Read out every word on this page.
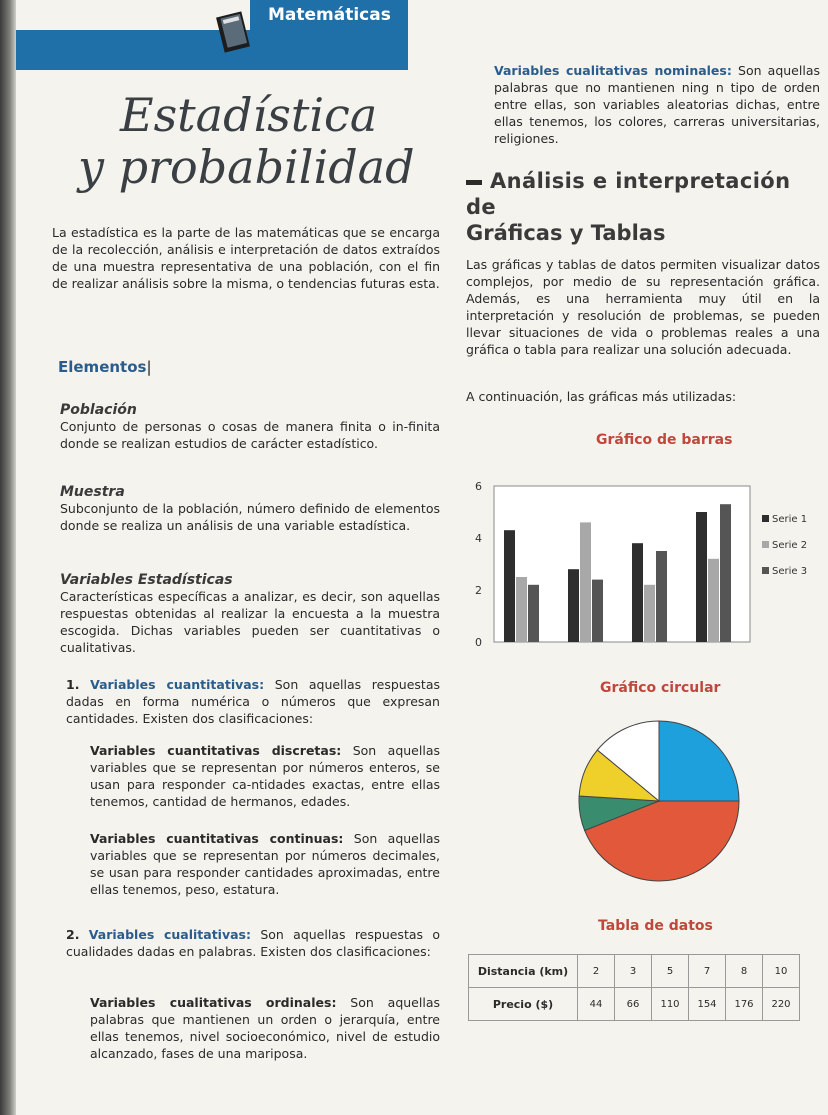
Matemáticas
Estadística
y probabilidad
La estadística es la parte de las matemáticas que se encarga de la recolección, análisis e interpretación de datos extraídos de una muestra representativa de una población, con el fin de realizar análisis sobre la misma, o tendencias futuras esta.
Elementos|
Población
Conjunto de personas o cosas de manera finita o in-finita donde se realizan estudios de carácter estadístico.
Muestra
Subconjunto de la población, número definido de elementos donde se realiza un análisis de una variable estadística.
Variables Estadísticas
Características específicas a analizar, es decir, son aquellas respuestas obtenidas al realizar la encuesta a la muestra escogida. Dichas variables pueden ser cuantitativas o cualitativas.
1. Variables cuantitativas: Son aquellas respuestas dadas en forma numérica o números que expresan cantidades. Existen dos clasificaciones:
Variables cuantitativas discretas: Son aquellas variables que se representan por números enteros, se usan para responder ca-ntidades exactas, entre ellas tenemos, cantidad de hermanos, edades.
Variables cuantitativas continuas: Son aquellas variables que se representan por números decimales, se usan para responder cantidades aproximadas, entre ellas tenemos, peso, estatura.
2. Variables cualitativas: Son aquellas respuestas o cualidades dadas en palabras. Existen dos clasificaciones:
Variables cualitativas ordinales: Son aquellas palabras que mantienen un orden o jerarquía, entre ellas tenemos, nivel socioeconómico, nivel de estudio alcanzado, fases de una mariposa.
Variables cualitativas nominales: Son aquellas palabras que no mantienen ning n tipo de orden entre ellas, son variables aleatorias dichas, entre ellas tenemos, los colores, carreras universitarias, religiones.
Análisis e interpretación de
Gráficas y Tablas
Las gráficas y tablas de datos permiten visualizar datos complejos, por medio de su representación gráfica. Además, es una herramienta muy útil en la interpretación y resolución de problemas, se pueden llevar situaciones de vida o problemas reales a una gráfica o tabla para realizar una solución adecuada.
A continuación, las gráficas más utilizadas:
Gráfico de barras
0
2
4
6
Serie 1
Serie 2
Serie 3
Gráfico circular
Tabla de datos
Distancia (km)	2	3	5	7	8	10
Precio ($)	44	66	110	154	176	220
